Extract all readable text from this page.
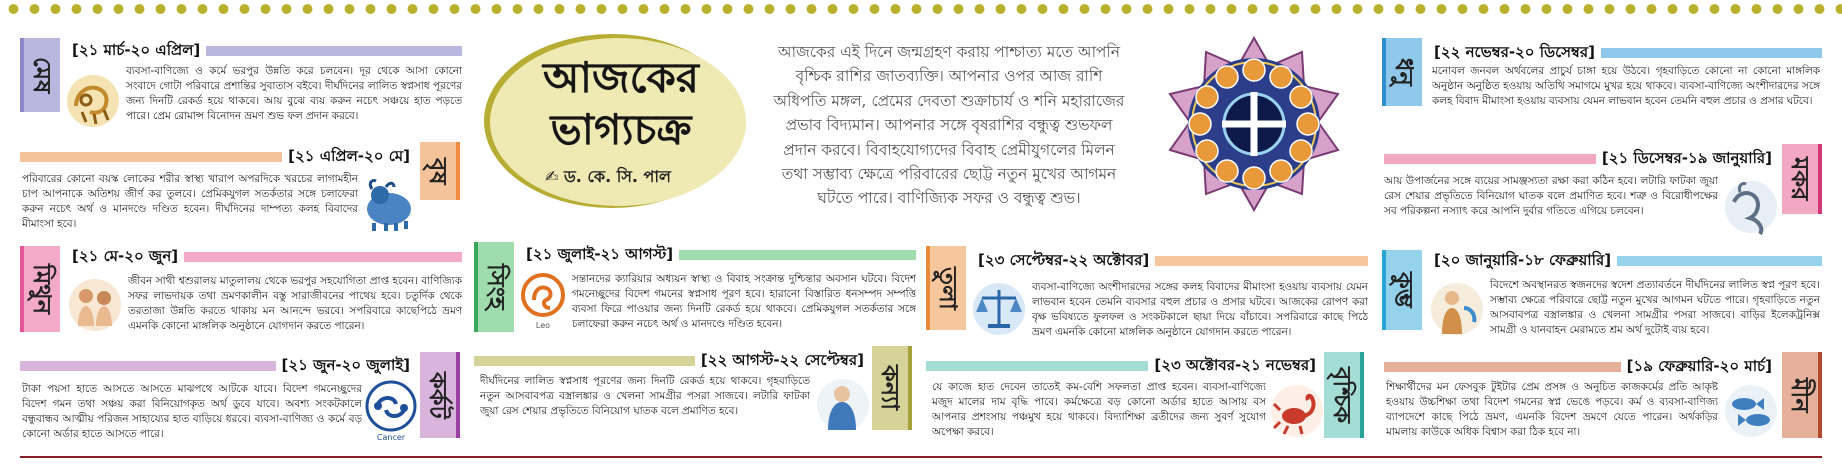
মেষ
[২১ মার্চ-২০ এপ্রিল]
ব্যবসা-বাণিজ্যে ও কর্মে ভরপুর উন্নতি করে চলবেন। দূর থেকে আসা কোনো সংবাদে গোটা পরিবারে প্রশান্তির সুবাতাস বইবে। দীর্ঘদিনের লালিত স্বপ্নসাধ পূরণের জন্য দিনটি রেকর্ড হয়ে থাকবে। আয় বুঝে ব্যয় করুন নচেৎ সঞ্চয়ে হাত পড়তে পারে। প্রেম রোমান্স বিনোদন ভ্রমণ শুভ ফল প্রদান করবে।
বৃষ
[২১ এপ্রিল-২০ মে]
পরিবারের কোনো বয়স্ক লোকের শরীর স্বাস্থ্য খারাপ অপরদিকে খরচের লাগামহীন চাপ আপনাকে অতিশয় জীর্ণ কর তুলবে। প্রেমিকযুগল সতর্কতার সঙ্গে চলাফেরা করুন নচেৎ অর্থ ও মানদণ্ডে দণ্ডিত হবেন। দীর্ঘদিনের দাম্পত্য কলহ বিবাদের মীমাংসা হবে।
মিথুন
[২১ মে-২০ জুন]
জীবন সাথী শ্বশুরালয় মাতুলালয় থেকে ভরপুর সহযোগিতা প্রাপ্ত হবেন। বাণিজ্যিক সফর লাভদায়ক তথা ভ্রমণকালীন বস্তু সারাজীবনের পাথেয় হবে। চতুর্দিক থেকে তরতাজা উন্নতি করতে থাকায় মন আনন্দে ভরবে। সপরিবারে কাছেপিঠে ভ্রমণ এমনকি কোনো মাঙ্গলিক অনুষ্ঠানে যোগদান করতে পারেন।
কর্কট
[২১ জুন-২০ জুলাই]
Cancer
টাকা পয়সা হাতে আসতে আসতে মাঝপথে আটকে যাবে। বিদেশ গমনেচ্ছুদের বিদেশ গমন তথা সঞ্চয় করা বিনিয়োগকৃত অর্থ ডুবে যাবে। অবশ্য সংকটকালে বন্ধুবান্ধব আত্মীয় পরিজন সাহায্যের হাত বাড়িয়ে ধরবে। ব্যবসা-বাণিজ্য ও কর্মে বড় কোনো অর্ডার হাতে আসতে পারে।
আজকের
ভাগ্যচক্র
✍ ড. কে. সি. পাল
আজকের এই দিনে জন্মগ্রহণ করায় পাশ্চাত্য মতে আপনি বৃশ্চিক রাশির জাতব্যক্তি। আপনার ওপর আজ রাশি অধিপতি মঙ্গল, প্রেমের দেবতা শুক্রাচার্য ও শনি মহারাজের প্রভাব বিদ্যমান। আপনার সঙ্গে বৃষরাশির বন্ধুত্ব শুভফল প্রদান করবে। বিবাহযোগ্যদের বিবাহ প্রেমীযুগলের মিলন তথা সম্ভাব্য ক্ষেত্রে পরিবারের ছোট্ট নতুন মুখের আগমন ঘটতে পারে। বাণিজ্যিক সফর ও বন্ধুত্ব শুভ।
সিংহ
[২১ জুলাই-২১ আগস্ট]
Leo
সন্তানদের ক্যারিয়ার অধ্যয়ন স্বাস্থ্য ও বিবাহ সংক্রান্ত দুশ্চিন্তার অবসান ঘটবে। বিদেশ গমনেচ্ছুদের বিদেশ গমনের স্বপ্নসাধ পূরণ হবে। হারানো বিস্তারিত ধনসম্পদ সম্পত্তি ব্যবসা ফিরে পাওয়ার জন্য দিনটি রেকর্ড হয়ে থাকবে। প্রেমিকযুগল সতর্কতার সঙ্গে চলাফেরা করুন নচেৎ অর্থ ও মানদণ্ডে দণ্ডিত হবেন।
কন্যা
[২২ আগস্ট-২২ সেপ্টেম্বর]
দীর্ঘদিনের লালিত স্বপ্নসাধ পূরণের জন্য দিনটি রেকর্ড হয়ে থাকবে। গৃহবাড়িতে নতুন আসবাবপত্র বস্ত্রালঙ্কার ও খেলনা সামগ্রীর পসরা সাজবে। লটারি ফাটকা জুয়া রেস শেয়ার প্রভৃতিতে বিনিয়োগ ঘাতক বলে প্রমাণিত হবে।
তুলা
[২৩ সেপ্টেম্বর-২২ অক্টোবর]
ব্যবসা-বাণিজ্যে অংশীদারদের সঙ্গের কলহ বিবাদের মীমাংসা হওয়ায় ব্যবসায় যেমন লাভবান হবেন তেমনি ব্যবসার বহুল প্রচার ও প্রসার ঘটবে। আজকের রোপণ করা বৃক্ষ ভবিষ্যতে ফুলফল ও সংকটকালে ছায়া দিয়ে বাঁচাবে। সপরিবারে কাছে পিঠে ভ্রমণ এমনকি কোনো মাঙ্গলিক অনুষ্ঠানে যোগদান করতে পারেন।
বৃশ্চিক
[২৩ অক্টোবর-২১ নভেম্বর]
যে কাজে হাত দেবেন তাতেই কম-বেশি সফলতা প্রাপ্ত হবেন। ব্যবসা-বাণিজ্যে মজুদ মালের দাম বৃদ্ধি পাবে। কর্মক্ষেত্রে বড় কোনো অর্ডার হাতে আসায় বস আপনার প্রশংসায় পঞ্চমুখ হয়ে থাকবে। বিদ্যাশিক্ষা ব্রতীদের জন্য সুবর্ণ সুযোগ অপেক্ষা করবে।
ধনু
[২২ নভেম্বর-২০ ডিসেম্বর]
মনোবল জনবল অর্থবলের প্রাচুর্য চাঙ্গা হয়ে উঠবে। গৃহবাড়িতে কোনো না কোনো মাঙ্গলিক অনুষ্ঠান অনুষ্ঠিত হওয়ায় অতিথি সমাগমে মুখর হয়ে থাকবে। ব্যবসা-বাণিজ্যে অংশীদারদের সঙ্গে কলহ বিবাদ মীমাংসা হওয়ায় ব্যবসায় যেমন লাভবান হবেন তেমনি বহুল প্রচার ও প্রসার ঘটবে।
মকর
[২১ ডিসেম্বর-১৯ জানুয়ারি]
আয় উপার্জনের সঙ্গে ব্যয়ের সামঞ্জস্যতা রক্ষা করা কঠিন হবে। লটারি ফাটকা জুয়া রেস শেয়ার প্রভৃতিতে বিনিয়োগ ঘাতক বলে প্রমাণিত হবে। শত্রু ও বিরোধীপক্ষের সব পরিকল্পনা নস্যাৎ করে আপনি দুর্বার গতিতে এগিয়ে চলবেন।
কুম্ভ
[২০ জানুয়ারি-১৮ ফেব্রুয়ারি]
বিদেশে অবস্থানরত স্বজনদের স্বদেশ প্রত্যাবর্তনে দীর্ঘদিনের লালিত স্বপ্ন পূরণ হবে। সম্ভাব্য ক্ষেত্রে পরিবারে ছোট্ট নতুন মুখের আগমন ঘটতে পারে। গৃহবাড়িতে নতুন আসবাবপত্র বস্ত্রালঙ্কার ও খেলনা সামগ্রীর পসরা সাজবে। বাড়ির ইলেকট্রনিক্স সামগ্রী ও যানবাহন মেরামতে শ্রম অর্থ দুটোই ব্যয় হবে।
মীন
[১৯ ফেব্রুয়ারি-২০ মার্চ]
শিক্ষার্থীদের মন ফেসবুক টুইটার প্রেম প্রসঙ্গ ও অনুচিত কাজকর্মের প্রতি আকৃষ্ট হওয়ায় উচ্চশিক্ষা তথা বিদেশ গমনের স্বপ্ন ভেঙে পড়বে। কর্ম ও ব্যবসা-বাণিজ্য ব্যাপদেশে কাছে পিঠে ভ্রমণ, এমনকি বিদেশ ভ্রমণে যেতে পারেন। অর্থকড়ির মামলায় কাউকে অধিক বিশ্বাস করা ঠিক হবে না।
